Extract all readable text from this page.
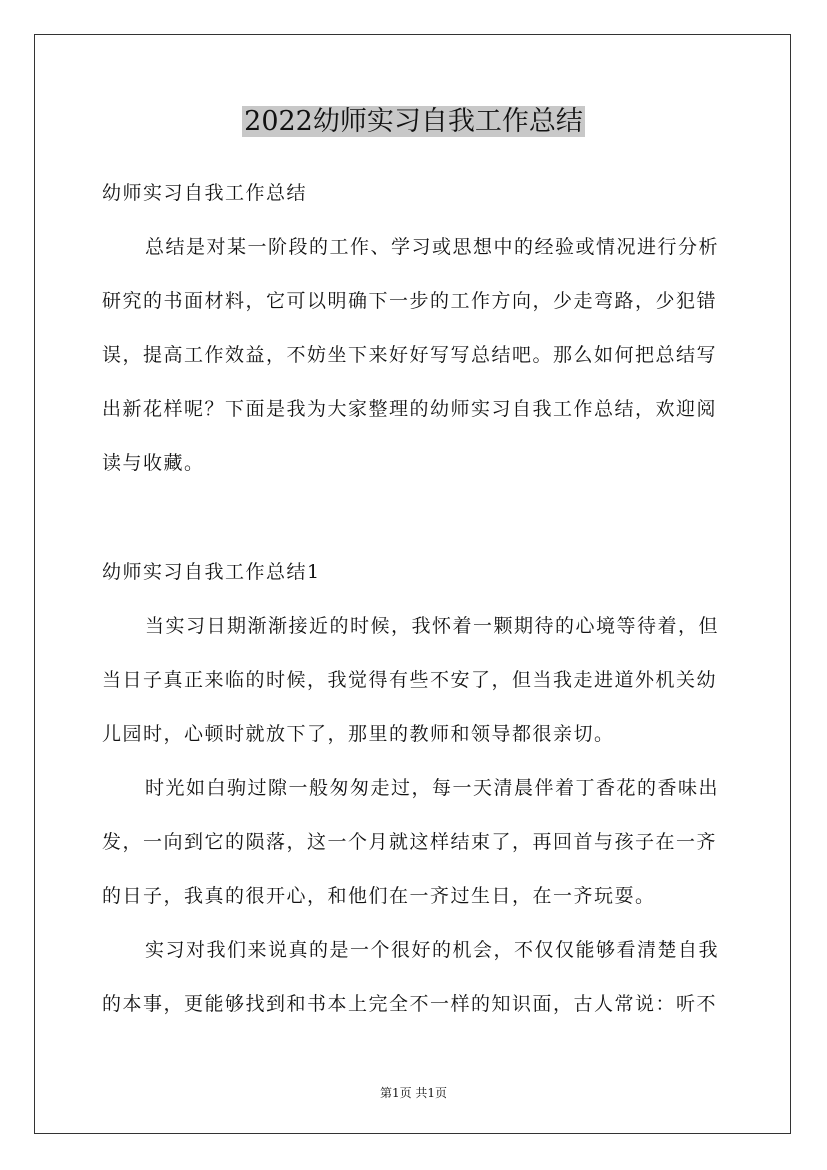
2022幼师实习自我工作总结
幼师实习自我工作总结
总结是对某一阶段的工作、学习或思想中的经验或情况进行分析
研究的书面材料，它可以明确下一步的工作方向，少走弯路，少犯错
误，提高工作效益，不妨坐下来好好写写总结吧。那么如何把总结写
出新花样呢？下面是我为大家整理的幼师实习自我工作总结，欢迎阅
读与收藏。
幼师实习自我工作总结1
当实习日期渐渐接近的时候，我怀着一颗期待的心境等待着，但
当日子真正来临的时候，我觉得有些不安了，但当我走进道外机关幼
儿园时，心顿时就放下了，那里的教师和领导都很亲切。
时光如白驹过隙一般匆匆走过，每一天清晨伴着丁香花的香味出
发，一向到它的陨落，这一个月就这样结束了，再回首与孩子在一齐
的日子，我真的很开心，和他们在一齐过生日，在一齐玩耍。
实习对我们来说真的是一个很好的机会，不仅仅能够看清楚自我
的本事，更能够找到和书本上完全不一样的知识面，古人常说：听不
第1页 共1页
